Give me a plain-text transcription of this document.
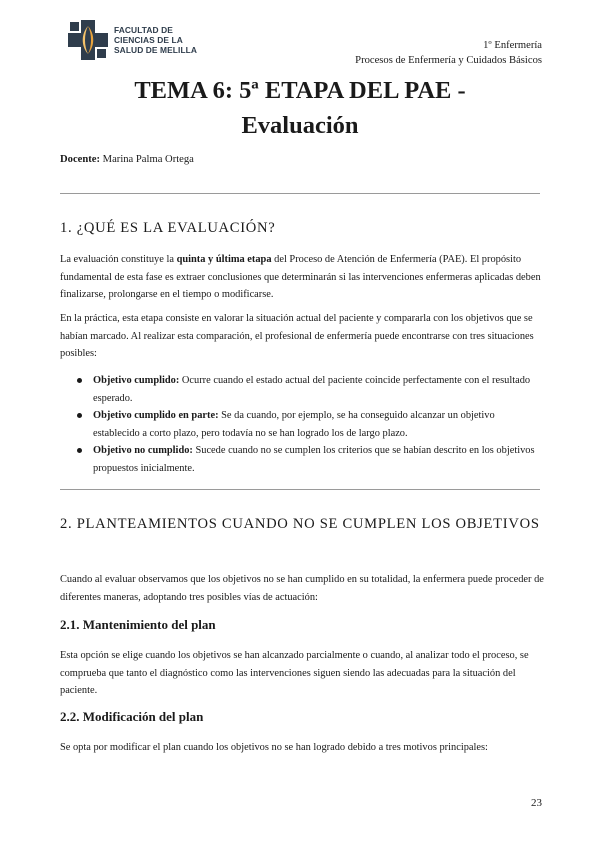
FACULTAD DE
CIENCIAS DE LA
SALUD DE MELILLA	1º Enfermería
Procesos de Enfermería y Cuidados Básicos
TEMA 6: 5ª ETAPA DEL PAE -
Evaluación

Docente: Marina Palma Ortega

1. ¿QUÉ ES LA EVALUACIÓN?

La evaluación constituye la quinta y última etapa del Proceso de Atención de Enfermería (PAE). El propósito fundamental de esta fase es extraer conclusiones que determinarán si las intervenciones enfermeras aplicadas deben finalizarse, prolongarse en el tiempo o modificarse.

En la práctica, esta etapa consiste en valorar la situación actual del paciente y compararla con los objetivos que se habían marcado. Al realizar esta comparación, el profesional de enfermería puede encontrarse con tres situaciones posibles:

Objetivo cumplido: Ocurre cuando el estado actual del paciente coincide perfectamente con el resultado esperado.
Objetivo cumplido en parte: Se da cuando, por ejemplo, se ha conseguido alcanzar un objetivo establecido a corto plazo, pero todavía no se han logrado los de largo plazo.
Objetivo no cumplido: Sucede cuando no se cumplen los criterios que se habían descrito en los objetivos propuestos inicialmente.
2. PLANTEAMIENTOS CUANDO NO SE CUMPLEN LOS OBJETIVOS

Cuando al evaluar observamos que los objetivos no se han cumplido en su totalidad, la enfermera puede proceder de diferentes maneras, adoptando tres posibles vías de actuación:

2.1. Mantenimiento del plan

Esta opción se elige cuando los objetivos se han alcanzado parcialmente o cuando, al analizar todo el proceso, se comprueba que tanto el diagnóstico como las intervenciones siguen siendo las adecuadas para la situación del paciente.

2.2. Modificación del plan

Se opta por modificar el plan cuando los objetivos no se han logrado debido a tres motivos principales:

23
